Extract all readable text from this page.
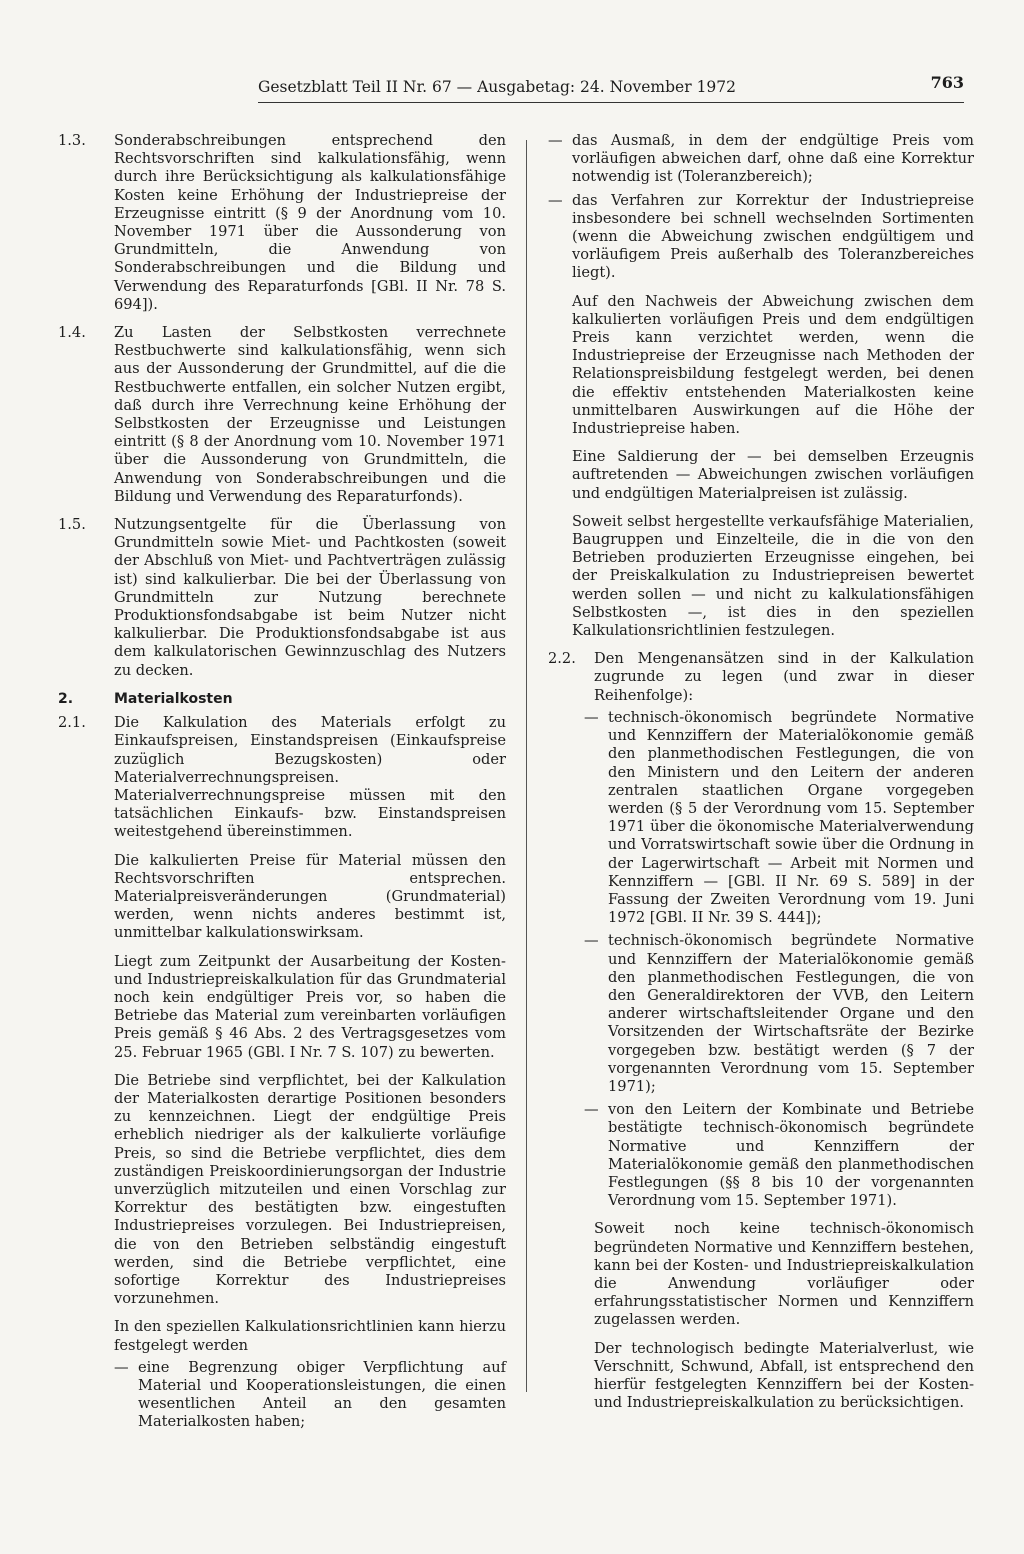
Gesetzblatt Teil II Nr. 67 — Ausgabetag: 24. November 1972	763
1.3.	Sonderabschreibungen entsprechend den Rechtsvorschriften sind kalkulationsfähig, wenn durch ihre Berücksichtigung als kalkulationsfähige Kosten keine Erhöhung der Industriepreise der Erzeugnisse eintritt (§ 9 der Anordnung vom 10. November 1971 über die Aussonderung von Grundmitteln, die Anwendung von Sonderabschreibungen und die Bildung und Verwendung des Reparaturfonds [GBl. II Nr. 78 S. 694]).
1.4.	Zu Lasten der Selbstkosten verrechnete Restbuchwerte sind kalkulationsfähig, wenn sich aus der Aussonderung der Grundmittel, auf die die Restbuchwerte entfallen, ein solcher Nutzen ergibt, daß durch ihre Verrechnung keine Erhöhung der Selbstkosten der Erzeugnisse und Leistungen eintritt (§ 8 der Anordnung vom 10. November 1971 über die Aussonderung von Grundmitteln, die Anwendung von Sonderabschreibungen und die Bildung und Verwendung des Reparaturfonds).
1.5.	Nutzungsentgelte für die Überlassung von Grundmitteln sowie Miet- und Pachtkosten (soweit der Abschluß von Miet- und Pachtverträgen zulässig ist) sind kalkulierbar. Die bei der Überlassung von Grundmitteln zur Nutzung berechnete Produktionsfondsabgabe ist beim Nutzer nicht kalkulierbar. Die Produktionsfondsabgabe ist aus dem kalkulatorischen Gewinnzuschlag des Nutzers zu decken.
2.	Materialkosten
2.1.	Die Kalkulation des Materials erfolgt zu Einkaufspreisen, Einstandspreisen (Einkaufspreise zuzüglich Bezugskosten) oder Materialverrechnungspreisen. Materialverrechnungspreise müssen mit den tatsächlichen Einkaufs- bzw. Einstandspreisen weitestgehend übereinstimmen.

Die kalkulierten Preise für Material müssen den Rechtsvorschriften entsprechen. Materialpreisveränderungen (Grundmaterial) werden, wenn nichts anderes bestimmt ist, unmittelbar kalkulationswirksam.

Liegt zum Zeitpunkt der Ausarbeitung der Kosten- und Industriepreiskalkulation für das Grundmaterial noch kein endgültiger Preis vor, so haben die Betriebe das Material zum vereinbarten vorläufigen Preis gemäß § 46 Abs. 2 des Vertragsgesetzes vom 25. Februar 1965 (GBl. I Nr. 7 S. 107) zu bewerten.

Die Betriebe sind verpflichtet, bei der Kalkulation der Materialkosten derartige Positionen besonders zu kennzeichnen. Liegt der endgültige Preis erheblich niedriger als der kalkulierte vorläufige Preis, so sind die Betriebe verpflichtet, dies dem zuständigen Preiskoordinierungsorgan der Industrie unverzüglich mitzuteilen und einen Vorschlag zur Korrektur des bestätigten bzw. eingestuften Industriepreises vorzulegen. Bei Industriepreisen, die von den Betrieben selbständig eingestuft werden, sind die Betriebe verpflichtet, eine sofortige Korrektur des Industriepreises vorzunehmen.

In den speziellen Kalkulationsrichtlinien kann hierzu festgelegt werden

— eine Begrenzung obiger Verpflichtung auf Material und Kooperationsleistungen, die einen wesentlichen Anteil an den gesamten Materialkosten haben;
— das Ausmaß, in dem der endgültige Preis vom vorläufigen abweichen darf, ohne daß eine Korrektur notwendig ist (Toleranzbereich);
— das Verfahren zur Korrektur der Industriepreise insbesondere bei schnell wechselnden Sortimenten (wenn die Abweichung zwischen endgültigem und vorläufigem Preis außerhalb des Toleranzbereiches liegt).

Auf den Nachweis der Abweichung zwischen dem kalkulierten vorläufigen Preis und dem endgültigen Preis kann verzichtet werden, wenn die Industriepreise der Erzeugnisse nach Methoden der Relationspreisbildung festgelegt werden, bei denen die effektiv entstehenden Materialkosten keine unmittelbaren Auswirkungen auf die Höhe der Industriepreise haben.

Eine Saldierung der — bei demselben Erzeugnis auftretenden — Abweichungen zwischen vorläufigen und endgültigen Materialpreisen ist zulässig.

Soweit selbst hergestellte verkaufsfähige Materialien, Baugruppen und Einzelteile, die in die von den Betrieben produzierten Erzeugnisse eingehen, bei der Preiskalkulation zu Industriepreisen bewertet werden sollen — und nicht zu kalkulationsfähigen Selbstkosten —, ist dies in den speziellen Kalkulationsrichtlinien festzulegen.

2.2.	Den Mengenansätzen sind in der Kalkulation zugrunde zu legen (und zwar in dieser Reihenfolge):
— technisch-ökonomisch begründete Normative und Kennziffern der Materialökonomie gemäß den planmethodischen Festlegungen, die von den Ministern und den Leitern der anderen zentralen staatlichen Organe vorgegeben werden (§ 5 der Verordnung vom 15. September 1971 über die ökonomische Materialverwendung und Vorratswirtschaft sowie über die Ordnung in der Lagerwirtschaft — Arbeit mit Normen und Kennziffern — [GBl. II Nr. 69 S. 589] in der Fassung der Zweiten Verordnung vom 19. Juni 1972 [GBl. II Nr. 39 S. 444]);
— technisch-ökonomisch begründete Normative und Kennziffern der Materialökonomie gemäß den planmethodischen Festlegungen, die von den Generaldirektoren der VVB, den Leitern anderer wirtschaftsleitender Organe und den Vorsitzenden der Wirtschaftsräte der Bezirke vorgegeben bzw. bestätigt werden (§ 7 der vorgenannten Verordnung vom 15. September 1971);
— von den Leitern der Kombinate und Betriebe bestätigte technisch-ökonomisch begründete Normative und Kennziffern der Materialökonomie gemäß den planmethodischen Festlegungen (§§ 8 bis 10 der vorgenannten Verordnung vom 15. September 1971).

Soweit noch keine technisch-ökonomisch begründeten Normative und Kennziffern bestehen, kann bei der Kosten- und Industriepreiskalkulation die Anwendung vorläufiger oder erfahrungsstatistischer Normen und Kennziffern zugelassen werden.

Der technologisch bedingte Materialverlust, wie Verschnitt, Schwund, Abfall, ist entsprechend den hierfür festgelegten Kennziffern bei der Kosten- und Industriepreiskalkulation zu berücksichtigen.
